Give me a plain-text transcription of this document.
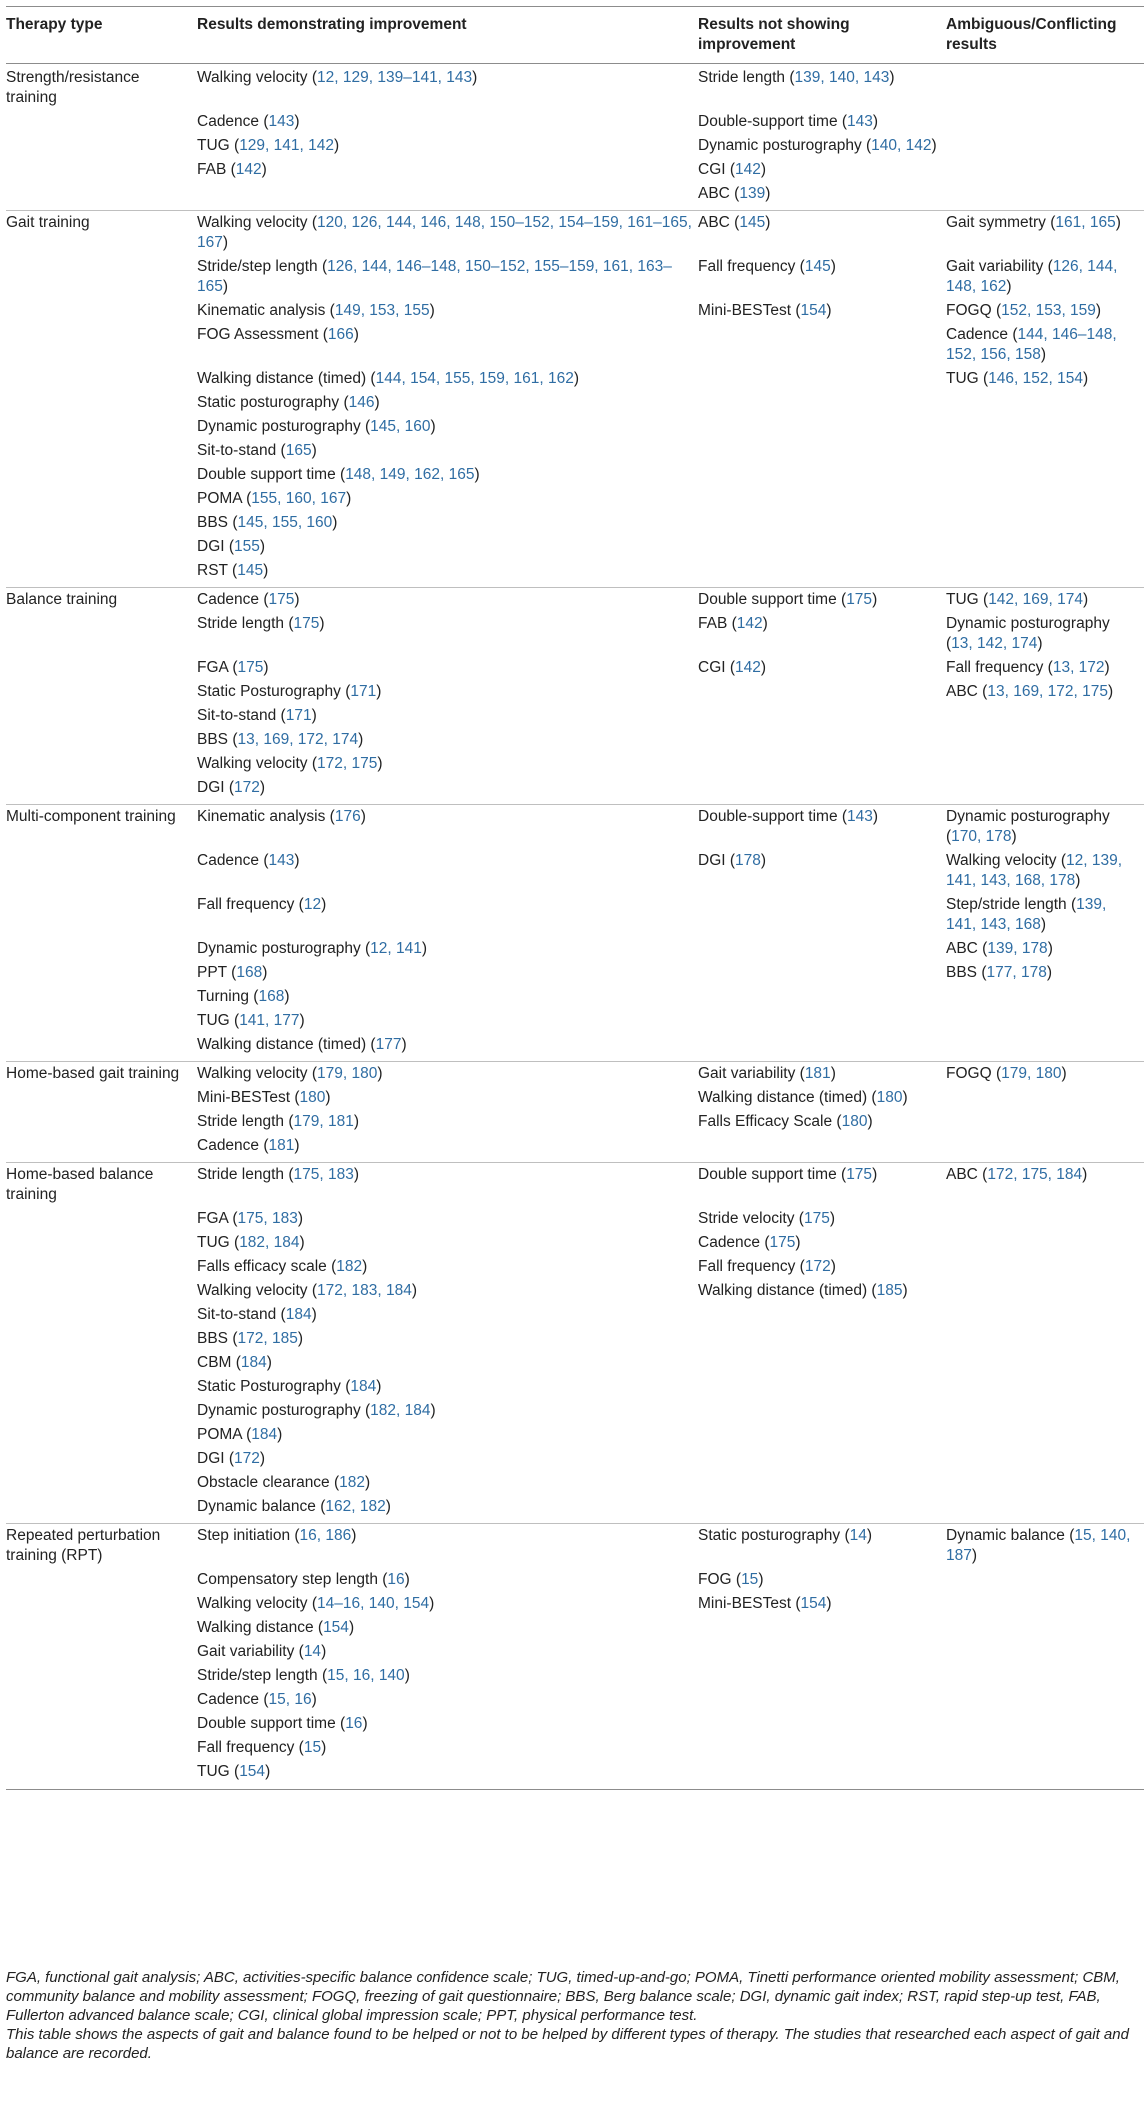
Therapy type	Results demonstrating improvement	Results not showing improvement	Ambiguous/Conflicting results
Strength/resistance training	Walking velocity (12, 129, 139–141, 143)	Stride length (139, 140, 143)	
	Cadence (143)	Double-support time (143)	
	TUG (129, 141, 142)	Dynamic posturography (140, 142)	
	FAB (142)	CGI (142)	
		ABC (139)	
Gait training	Walking velocity (120, 126, 144, 146, 148, 150–152, 154–159, 161–165, 167)	ABC (145)	Gait symmetry (161, 165)
	Stride/step length (126, 144, 146–148, 150–152, 155–159, 161, 163–165)	Fall frequency (145)	Gait variability (126, 144, 148, 162)
	Kinematic analysis (149, 153, 155)	Mini-BESTest (154)	FOGQ (152, 153, 159)
	FOG Assessment (166)		Cadence (144, 146–148, 152, 156, 158)
	Walking distance (timed) (144, 154, 155, 159, 161, 162)		TUG (146, 152, 154)
	Static posturography (146)		
	Dynamic posturography (145, 160)		
	Sit-to-stand (165)		
	Double support time (148, 149, 162, 165)		
	POMA (155, 160, 167)		
	BBS (145, 155, 160)		
	DGI (155)		
	RST (145)		
Balance training	Cadence (175)	Double support time (175)	TUG (142, 169, 174)
	Stride length (175)	FAB (142)	Dynamic posturography (13, 142, 174)
	FGA (175)	CGI (142)	Fall frequency (13, 172)
	Static Posturography (171)		ABC (13, 169, 172, 175)
	Sit-to-stand (171)		
	BBS (13, 169, 172, 174)		
	Walking velocity (172, 175)		
	DGI (172)		
Multi-component training	Kinematic analysis (176)	Double-support time (143)	Dynamic posturography (170, 178)
	Cadence (143)	DGI (178)	Walking velocity (12, 139, 141, 143, 168, 178)
	Fall frequency (12)		Step/stride length (139, 141, 143, 168)
	Dynamic posturography (12, 141)		ABC (139, 178)
	PPT (168)		BBS (177, 178)
	Turning (168)		
	TUG (141, 177)		
	Walking distance (timed) (177)		
Home-based gait training	Walking velocity (179, 180)	Gait variability (181)	FOGQ (179, 180)
	Mini-BESTest (180)	Walking distance (timed) (180)	
	Stride length (179, 181)	Falls Efficacy Scale (180)	
	Cadence (181)		
Home-based balance training	Stride length (175, 183)	Double support time (175)	ABC (172, 175, 184)
	FGA (175, 183)	Stride velocity (175)	
	TUG (182, 184)	Cadence (175)	
	Falls efficacy scale (182)	Fall frequency (172)	
	Walking velocity (172, 183, 184)	Walking distance (timed) (185)	
	Sit-to-stand (184)		
	BBS (172, 185)		
	CBM (184)		
	Static Posturography (184)		
	Dynamic posturography (182, 184)		
	POMA (184)		
	DGI (172)		
	Obstacle clearance (182)		
	Dynamic balance (162, 182)		
Repeated perturbation training (RPT)	Step initiation (16, 186)	Static posturography (14)	Dynamic balance (15, 140, 187)
	Compensatory step length (16)	FOG (15)	
	Walking velocity (14–16, 140, 154)	Mini-BESTest (154)	
	Walking distance (154)		
	Gait variability (14)		
	Stride/step length (15, 16, 140)		
	Cadence (15, 16)		
	Double support time (16)		
	Fall frequency (15)		
	TUG (154)		

FGA, functional gait analysis; ABC, activities-specific balance confidence scale; TUG, timed-up-and-go; POMA, Tinetti performance oriented mobility assessment; CBM, community balance and mobility assessment; FOGQ, freezing of gait questionnaire; BBS, Berg balance scale; DGI, dynamic gait index; RST, rapid step-up test, FAB, Fullerton advanced balance scale; CGI, clinical global impression scale; PPT, physical performance test.

This table shows the aspects of gait and balance found to be helped or not to be helped by different types of therapy. The studies that researched each aspect of gait and balance are recorded.
